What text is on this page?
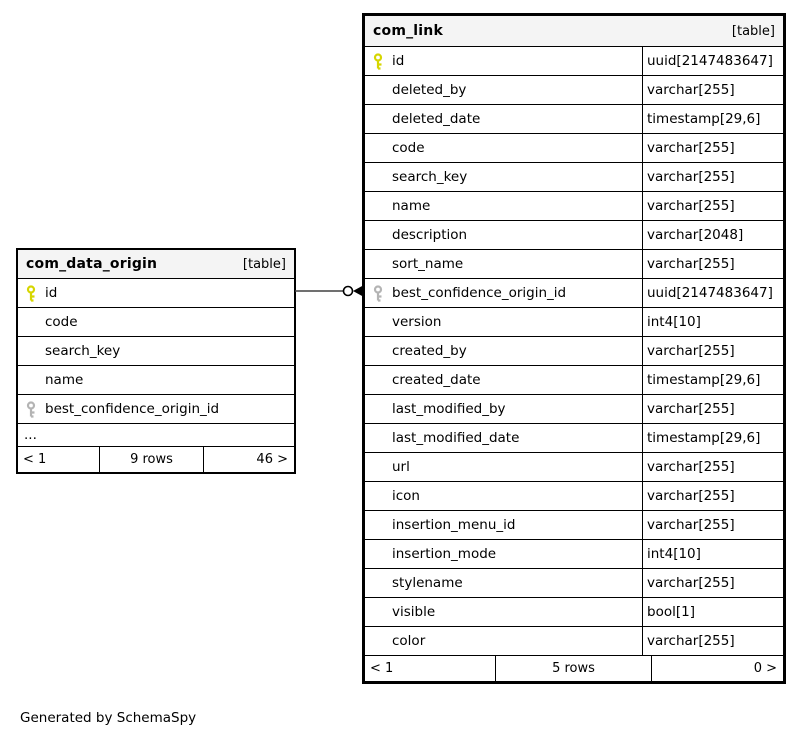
com_data_origin	[table]
id
code
search_key
name
best_confidence_origin_id
...
< 1	9 rows	46 >
com_link	[table]
id	uuid[2147483647]
deleted_by	varchar[255]
deleted_date	timestamp[29,6]
code	varchar[255]
search_key	varchar[255]
name	varchar[255]
description	varchar[2048]
sort_name	varchar[255]
best_confidence_origin_id	uuid[2147483647]
version	int4[10]
created_by	varchar[255]
created_date	timestamp[29,6]
last_modified_by	varchar[255]
last_modified_date	timestamp[29,6]
url	varchar[255]
icon	varchar[255]
insertion_menu_id	varchar[255]
insertion_mode	int4[10]
stylename	varchar[255]
visible	bool[1]
color	varchar[255]
< 1	5 rows	0 >
Generated by SchemaSpy
